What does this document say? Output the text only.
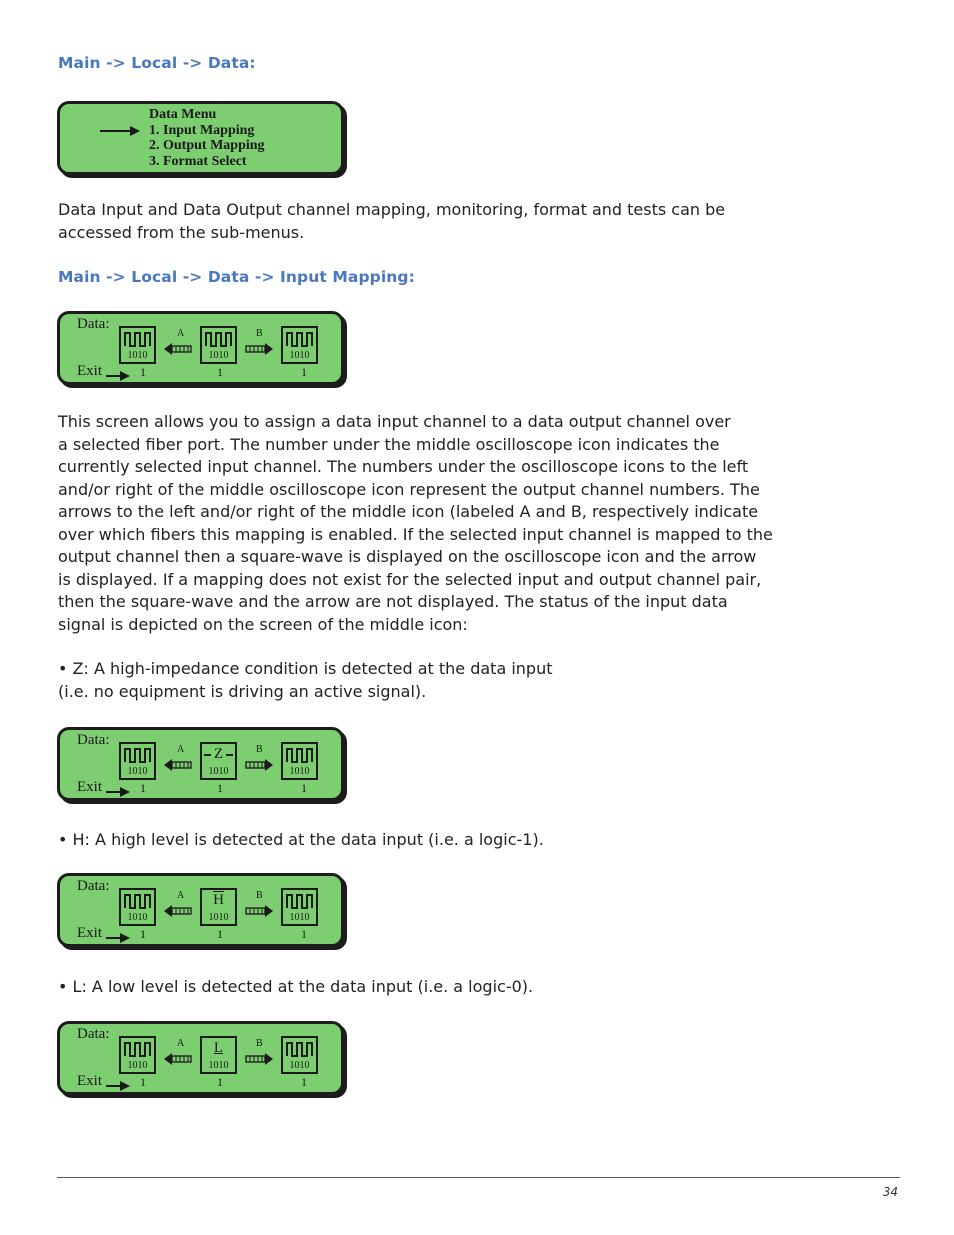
Main -> Local -> Data:
Data Menu
1. Input Mapping
2. Output Mapping
3. Format Select

Data Input and Data Output channel mapping, monitoring, format and tests can be
accessed from the sub-menus.

Main -> Local -> Data -> Input Mapping:
Data:
Exit
1010
A
1010
B
1010
1	1	1

This screen allows you to assign a data input channel to a data output channel over
a selected fiber port. The number under the middle oscilloscope icon indicates the
currently selected input channel. The numbers under the oscilloscope icons to the left
and/or right of the middle oscilloscope icon represent the output channel numbers. The
arrows to the left and/or right of the middle icon (labeled A and B, respectively indicate
over which fibers this mapping is enabled. If the selected input channel is mapped to the
output channel then a square-wave is displayed on the oscilloscope icon and the arrow
is displayed. If a mapping does not exist for the selected input and output channel pair,
then the square-wave and the arrow are not displayed. The status of the input data
signal is depicted on the screen of the middle icon:

• Z: A high-impedance condition is detected at the data input
(i.e. no equipment is driving an active signal).

Data:
Exit
1010
A	Z
1010
B
1010
1	1	1

• H: A high level is detected at the data input (i.e. a logic-1).

Data:
Exit
1010
A	$\overline{H}$
1010
B
1010
1	1	1

• L: A low level is detected at the data input (i.e. a logic-0).

Data:
Exit
1010
A	L
1010
B
1010
1	1	1
34
